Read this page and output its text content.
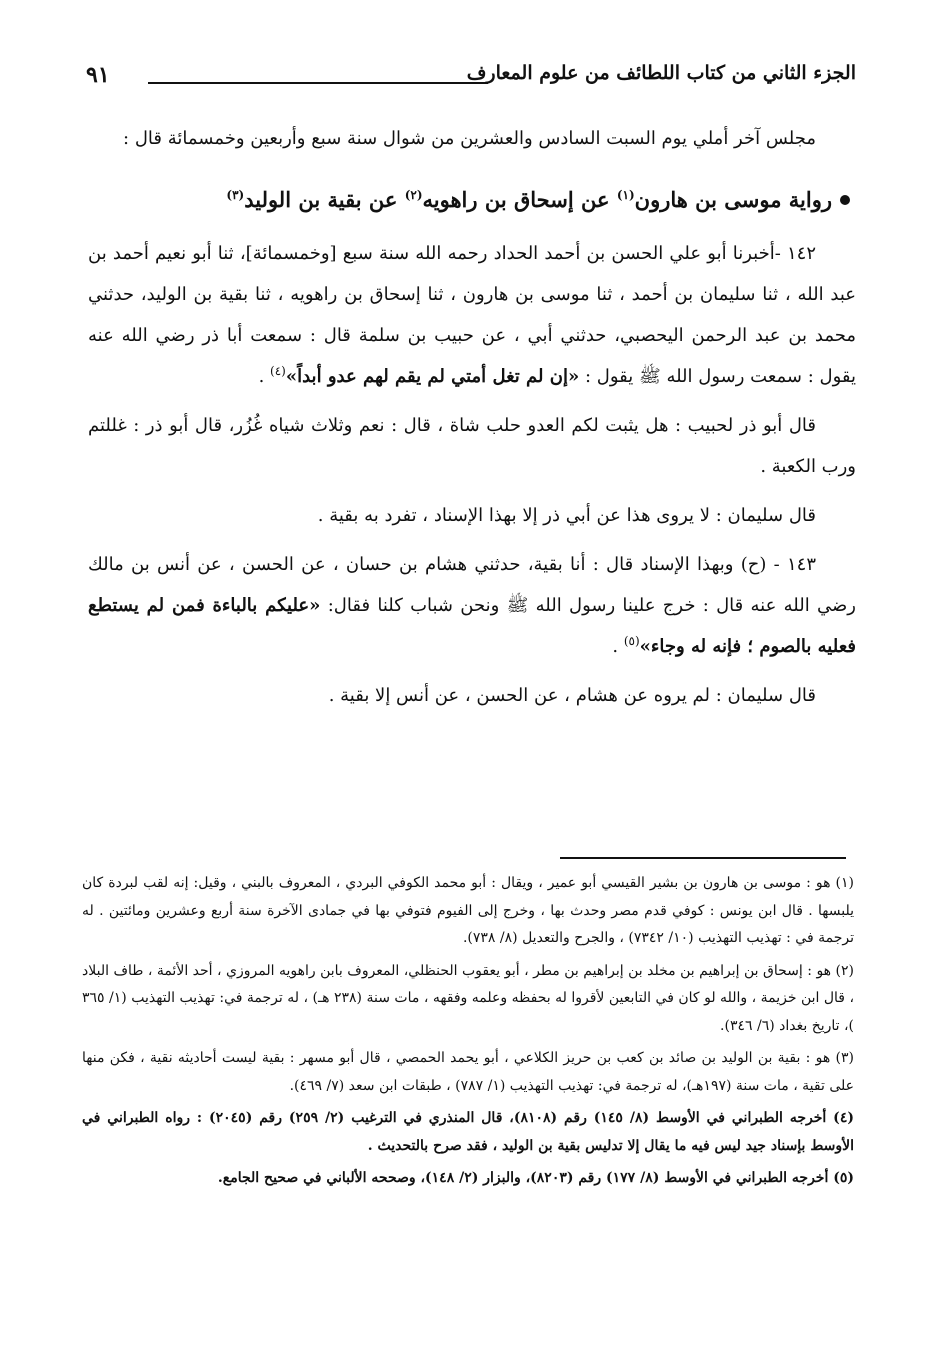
٩١	الجزء الثاني من كتاب اللطائف من علوم المعارف

مجلس آخر أملي يوم السبت السادس والعشرين من شوال سنة سبع وأربعين وخمسمائة قال :

رواية موسى بن هارون$^{(١)}$ عن إسحاق بن راهويه$^{(٢)}$ عن بقية بن الوليد$^{(٣)}$

١٤٢ -أخبرنا أبو علي الحسن بن أحمد الحداد رحمه الله سنة سبع [وخمسمائة]، ثنا أبو نعيم أحمد بن عبد الله ، ثنا سليمان بن أحمد ، ثنا موسى بن هارون ، ثنا إسحاق بن راهويه ، ثنا بقية بن الوليد، حدثني محمد بن عبد الرحمن اليحصبي، حدثني أبي ، عن حبيب بن سلمة قال : سمعت أبا ذر رضي الله عنه يقول : سمعت رسول الله ﷺ يقول : «إن لم تغل أمتي لم يقم لهم عدو أبداً»$^{(٤)}$ .

قال أبو ذر لحبيب : هل يثبت لكم العدو حلب شاة ، قال : نعم وثلاث شياه غُزُر، قال أبو ذر : غللتم ورب الكعبة .

قال سليمان : لا يروى هذا عن أبي ذر إلا بهذا الإسناد ، تفرد به بقية .

١٤٣ - (ح) وبهذا الإسناد قال : أنا بقية، حدثني هشام بن حسان ، عن الحسن ، عن أنس بن مالك رضي الله عنه قال : خرج علينا رسول الله ﷺ ونحن شباب كلنا فقال: «عليكم بالباءة فمن لم يستطع فعليه بالصوم ؛ فإنه له وجاء»$^{(٥)}$ .

قال سليمان : لم يروه عن هشام ، عن الحسن ، عن أنس إلا بقية .

(١) هو : موسى بن هارون بن بشير القيسي أبو عمير ، ويقال : أبو محمد الكوفي البردي ، المعروف بالبني ، وقيل: إنه لقب لبردة كان يلبسها . قال ابن يونس : كوفي قدم مصر وحدث بها ، وخرج إلى الفيوم فتوفي بها في جمادى الآخرة سنة أربع وعشرين ومائتين . له ترجمة في : تهذيب التهذيب (١٠/ ٧٣٤٢) ، والجرح والتعديل (٨/ ٧٣٨).

(٢) هو : إسحاق بن إبراهيم بن مخلد بن إبراهيم بن مطر ، أبو يعقوب الحنظلي، المعروف بابن راهويه المروزي ، أحد الأئمة ، طاف البلاد ، قال ابن خزيمة ، والله لو كان في التابعين لأقروا له بحفظه وعلمه وفقهه ، مات سنة (٢٣٨ هـ) ، له ترجمة في: تهذيب التهذيب (١/ ٣٦٥ )، تاريخ بغداد (٦/ ٣٤٦).

(٣) هو : بقية بن الوليد بن صائد بن كعب بن حريز الكلاعي ، أبو يحمد الحمصي ، قال أبو مسهر : بقية ليست أحاديثه نقية ، فكن منها على تقية ، مات سنة (١٩٧هـ)، له ترجمة في: تهذيب التهذيب (١/ ٧٨٧) ، طبقات ابن سعد (٧/ ٤٦٩).

(٤) أخرجه الطبراني في الأوسط (٨/ ١٤٥) رقم (٨١٠٨)، قال المنذري في الترغيب (٢/ ٢٥٩) رقم (٢٠٤٥) : رواه الطبراني في الأوسط بإسناد جيد ليس فيه ما يقال إلا تدليس بقية بن الوليد ، فقد صرح بالتحديث .

(٥) أخرجه الطبراني في الأوسط (٨/ ١٧٧) رقم (٨٢٠٣)، والبزار (٢/ ١٤٨)، وصححه الألباني في صحيح الجامع.
